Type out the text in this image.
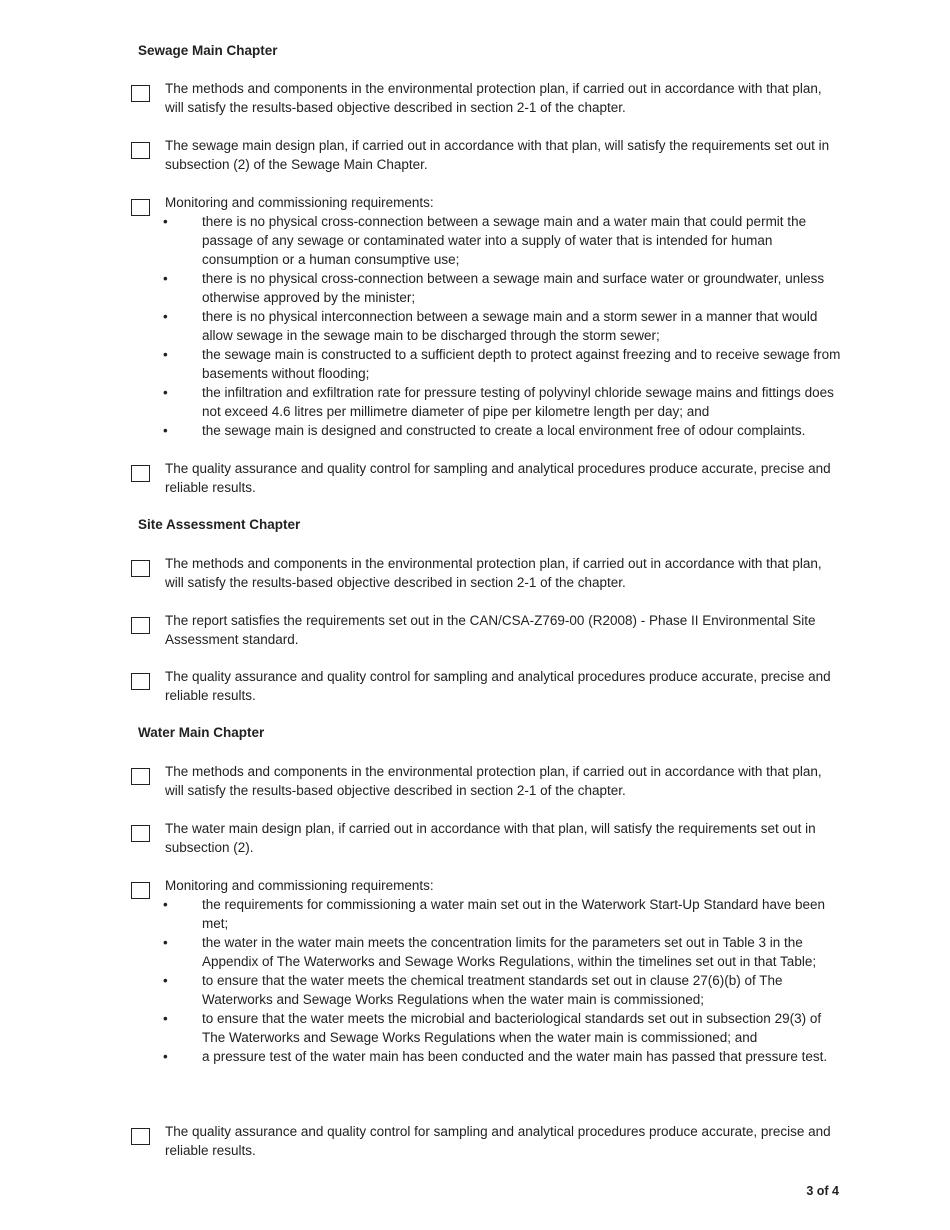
Sewage Main Chapter
The methods and components in the environmental protection plan, if carried out in accordance with that plan, will satisfy the results-based objective described in section 2-1 of the chapter.
The sewage main design plan, if carried out in accordance with that plan, will satisfy the requirements set out in subsection (2) of the Sewage Main Chapter.
Monitoring and commissioning requirements:
•
there is no physical cross-connection between a sewage main and a water main that could permit the passage of any sewage or contaminated water into a supply of water that is intended for human consumption or a human consumptive use;
•
there is no physical cross-connection between a sewage main and surface water or groundwater, unless otherwise approved by the minister;
•
there is no physical interconnection between a sewage main and a storm sewer in a manner that would allow sewage in the sewage main to be discharged through the storm sewer;
•
the sewage main is constructed to a sufficient depth to protect against freezing and to receive sewage from basements without flooding;
•
the infiltration and exfiltration rate for pressure testing of polyvinyl chloride sewage mains and fittings does not exceed 4.6 litres per millimetre diameter of pipe per kilometre length per day; and
•
the sewage main is designed and constructed to create a local environment free of odour complaints.
The quality assurance and quality control for sampling and analytical procedures produce accurate, precise and reliable results.
Site Assessment Chapter
The methods and components in the environmental protection plan, if carried out in accordance with that plan, will satisfy the results-based objective described in section 2-1 of the chapter.
The report satisfies the requirements set out in the CAN/CSA-Z769-00 (R2008) - Phase II Environmental Site Assessment standard.
The quality assurance and quality control for sampling and analytical procedures produce accurate, precise and reliable results.
Water Main Chapter
The methods and components in the environmental protection plan, if carried out in accordance with that plan, will satisfy the results-based objective described in section 2-1 of the chapter.
The water main design plan, if carried out in accordance with that plan, will satisfy the requirements set out in subsection (2).
Monitoring and commissioning requirements:
•
the requirements for commissioning a water main set out in the Waterwork Start-Up Standard have been met;
•
the water in the water main meets the concentration limits for the parameters set out in Table 3 in the Appendix of The Waterworks and Sewage Works Regulations, within the timelines set out in that Table;
•
to ensure that the water meets the chemical treatment standards set out in clause 27(6)(b) of The Waterworks and Sewage Works Regulations when the water main is commissioned;
•
to ensure that the water meets the microbial and bacteriological standards set out in subsection 29(3) of The Waterworks and Sewage Works Regulations when the water main is commissioned; and
•
a pressure test of the water main has been conducted and the water main has passed that pressure test.
The quality assurance and quality control for sampling and analytical procedures produce accurate, precise and reliable results.
3 of 4
